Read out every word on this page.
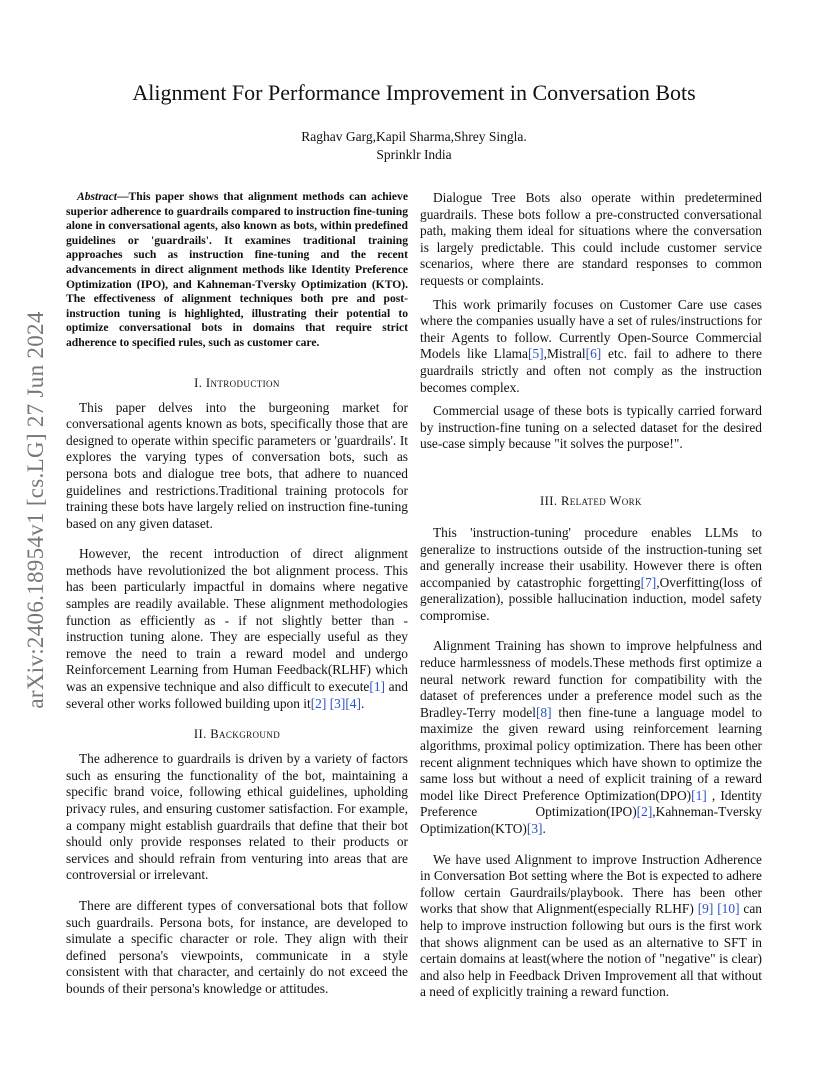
arXiv:2406.18954v1 [cs.LG] 27 Jun 2024
Alignment For Performance Improvement in Conversation Bots
Raghav Garg,Kapil Sharma,Shrey Singla.
Sprinklr India

Abstract—This paper shows that alignment methods can achieve superior adherence to guardrails compared to instruction fine-tuning alone in conversational agents, also known as bots, within predefined guidelines or 'guardrails'. It examines traditional training approaches such as instruction fine-tuning and the recent advancements in direct alignment methods like Identity Preference Optimization (IPO), and Kahneman-Tversky Optimization (KTO). The effectiveness of alignment techniques both pre and post-instruction tuning is highlighted, illustrating their potential to optimize conversational bots in domains that require strict adherence to specified rules, such as customer care.

I. Introduction

This paper delves into the burgeoning market for conversational agents known as bots, specifically those that are designed to operate within specific parameters or 'guardrails'. It explores the varying types of conversation bots, such as persona bots and dialogue tree bots, that adhere to nuanced guidelines and restrictions.Traditional training protocols for training these bots have largely relied on instruction fine-tuning based on any given dataset.

However, the recent introduction of direct alignment methods have revolutionized the bot alignment process. This has been particularly impactful in domains where negative samples are readily available. These alignment methodologies function as efficiently as - if not slightly better than - instruction tuning alone. They are especially useful as they remove the need to train a reward model and undergo Reinforcement Learning from Human Feedback(RLHF) which was an expensive technique and also difficult to execute[1] and several other works followed building upon it[2] [3][4].

II. Background

The adherence to guardrails is driven by a variety of factors such as ensuring the functionality of the bot, maintaining a specific brand voice, following ethical guidelines, upholding privacy rules, and ensuring customer satisfaction. For example, a company might establish guardrails that define that their bot should only provide responses related to their products or services and should refrain from venturing into areas that are controversial or irrelevant.

There are different types of conversational bots that follow such guardrails. Persona bots, for instance, are developed to simulate a specific character or role. They align with their defined persona's viewpoints, communicate in a style consistent with that character, and certainly do not exceed the bounds of their persona's knowledge or attitudes.

Dialogue Tree Bots also operate within predetermined guardrails. These bots follow a pre-constructed conversational path, making them ideal for situations where the conversation is largely predictable. This could include customer service scenarios, where there are standard responses to common requests or complaints.

This work primarily focuses on Customer Care use cases where the companies usually have a set of rules/instructions for their Agents to follow. Currently Open-Source Commercial Models like Llama[5],Mistral[6] etc. fail to adhere to there guardrails strictly and often not comply as the instruction becomes complex.

Commercial usage of these bots is typically carried forward by instruction-fine tuning on a selected dataset for the desired use-case simply because "it solves the purpose!".

III. Related Work

This 'instruction-tuning' procedure enables LLMs to generalize to instructions outside of the instruction-tuning set and generally increase their usability. However there is often accompanied by catastrophic forgetting[7],Overfitting(loss of generalization), possible hallucination induction, model safety compromise.

Alignment Training has shown to improve helpfulness and reduce harmlessness of models.These methods first optimize a neural network reward function for compatibility with the dataset of preferences under a preference model such as the Bradley-Terry model[8] then fine-tune a language model to maximize the given reward using reinforcement learning algorithms, proximal policy optimization. There has been other recent alignment techniques which have shown to optimize the same loss but without a need of explicit training of a reward model like Direct Preference Optimization(DPO)[1] , Identity Preference Optimization(IPO)[2],Kahneman-Tversky Optimization(KTO)[3].

We have used Alignment to improve Instruction Adherence in Conversation Bot setting where the Bot is expected to adhere follow certain Gaurdrails/playbook. There has been other works that show that Alignment(especially RLHF) [9] [10] can help to improve instruction following but ours is the first work that shows alignment can be used as an alternative to SFT in certain domains at least(where the notion of "negative" is clear) and also help in Feedback Driven Improvement all that without a need of explicitly training a reward function.
